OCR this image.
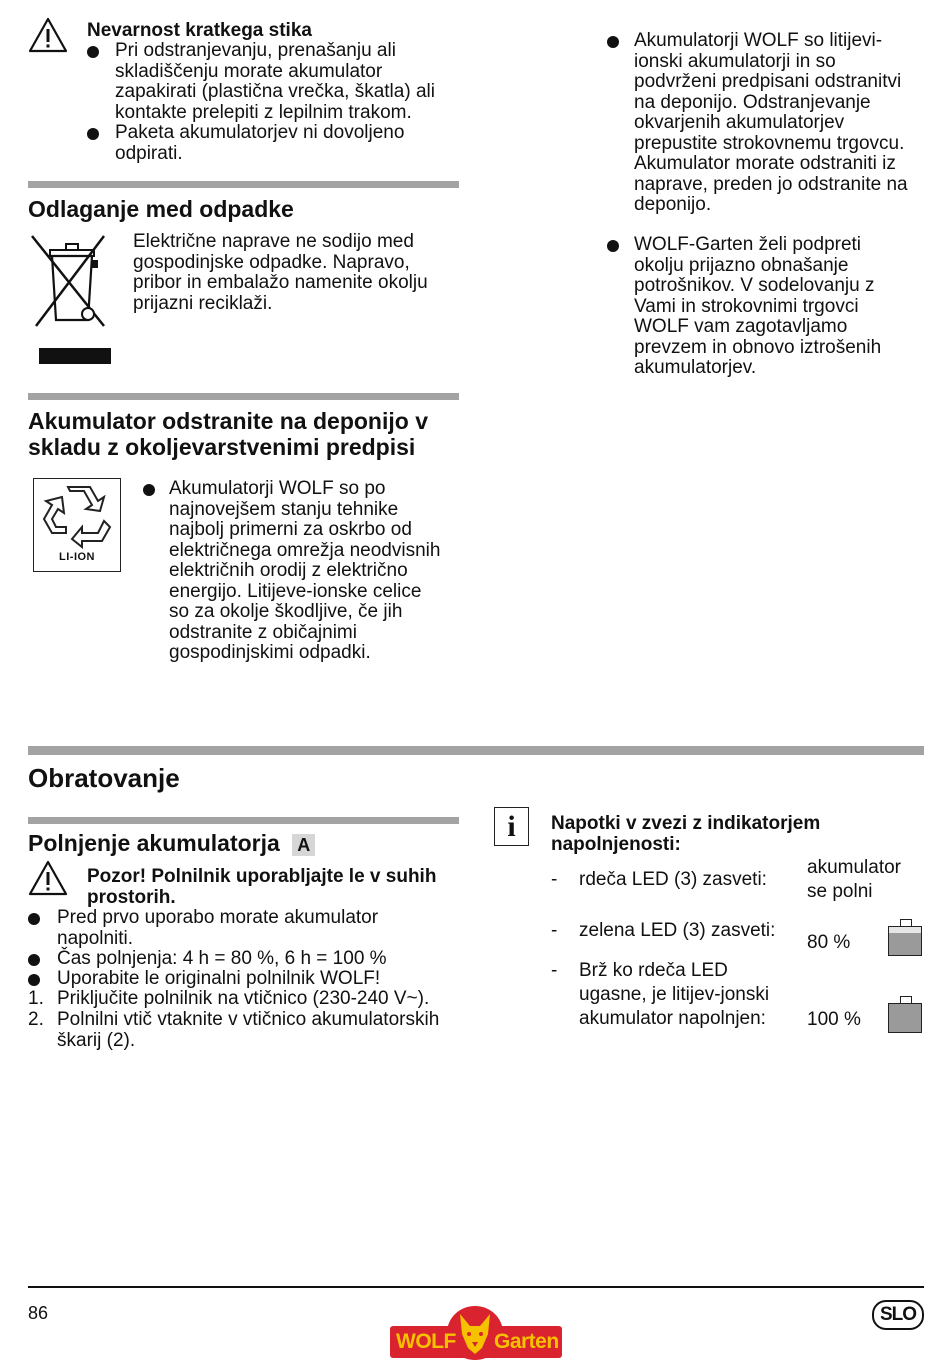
Nevarnost kratkega stika
Pri odstranjevanju, prenašanju ali skladiščenju morate akumulator zapakirati (plastična vrečka, škatla) ali kontakte prelepiti z lepilnim trakom.
Paketa akumulatorjev ni dovoljeno odpirati.
Odlaganje med odpadke
Električne naprave ne sodijo med gospodinjske odpadke. Napravo, pribor in embalažo namenite okolju prijazni reciklaži.
Akumulator odstranite na deponijo v skladu z okoljevarstvenimi predpisi
LI-ION
Akumulatorji WOLF so po najnovejšem stanju tehnike najbolj primerni za oskrbo od električnega omrežja neodvisnih električnih orodij z električno energijo. Litijeve-ionske celice so za okolje škodljive, če jih odstranite z običajnimi gospodinjskimi odpadki.
Akumulatorji WOLF so litijevi-ionski akumulatorji in so podvrženi predpisani odstranitvi na deponijo. Odstranjevanje okvarjenih akumulatorjev prepustite strokovnemu trgovcu. Akumulator morate odstraniti iz naprave, preden jo odstranite na deponijo.
WOLF-Garten želi podpreti okolju prijazno obnašanje potrošnikov. V sodelovanju z Vami in strokovnimi trgovci WOLF vam zagotavljamo prevzem in obnovo iztrošenih akumulatorjev.
Obratovanje
Polnjenje akumulatorja A
Pozor! Polnilnik uporabljajte le v suhih prostorih.
Pred prvo uporabo morate akumulator napolniti.
Čas polnjenja: 4 h = 80 %, 6 h = 100 %
Uporabite le originalni polnilnik WOLF!
1. Priključite polnilnik na vtičnico (230-240 V~).
2. Polnilni vtič vtaknite v vtičnico akumulatorskih škarij (2).
i	Napotki v zvezi z indikatorjem napolnjenosti:
- rdeča LED (3) zasveti:
akumulator se polni
- zelena LED (3) zasveti:
80 %
- Brž ko rdeča LED ugasne, je litijev-jonski akumulator napolnjen:	100 %
86	SLO
WOLF Garten
